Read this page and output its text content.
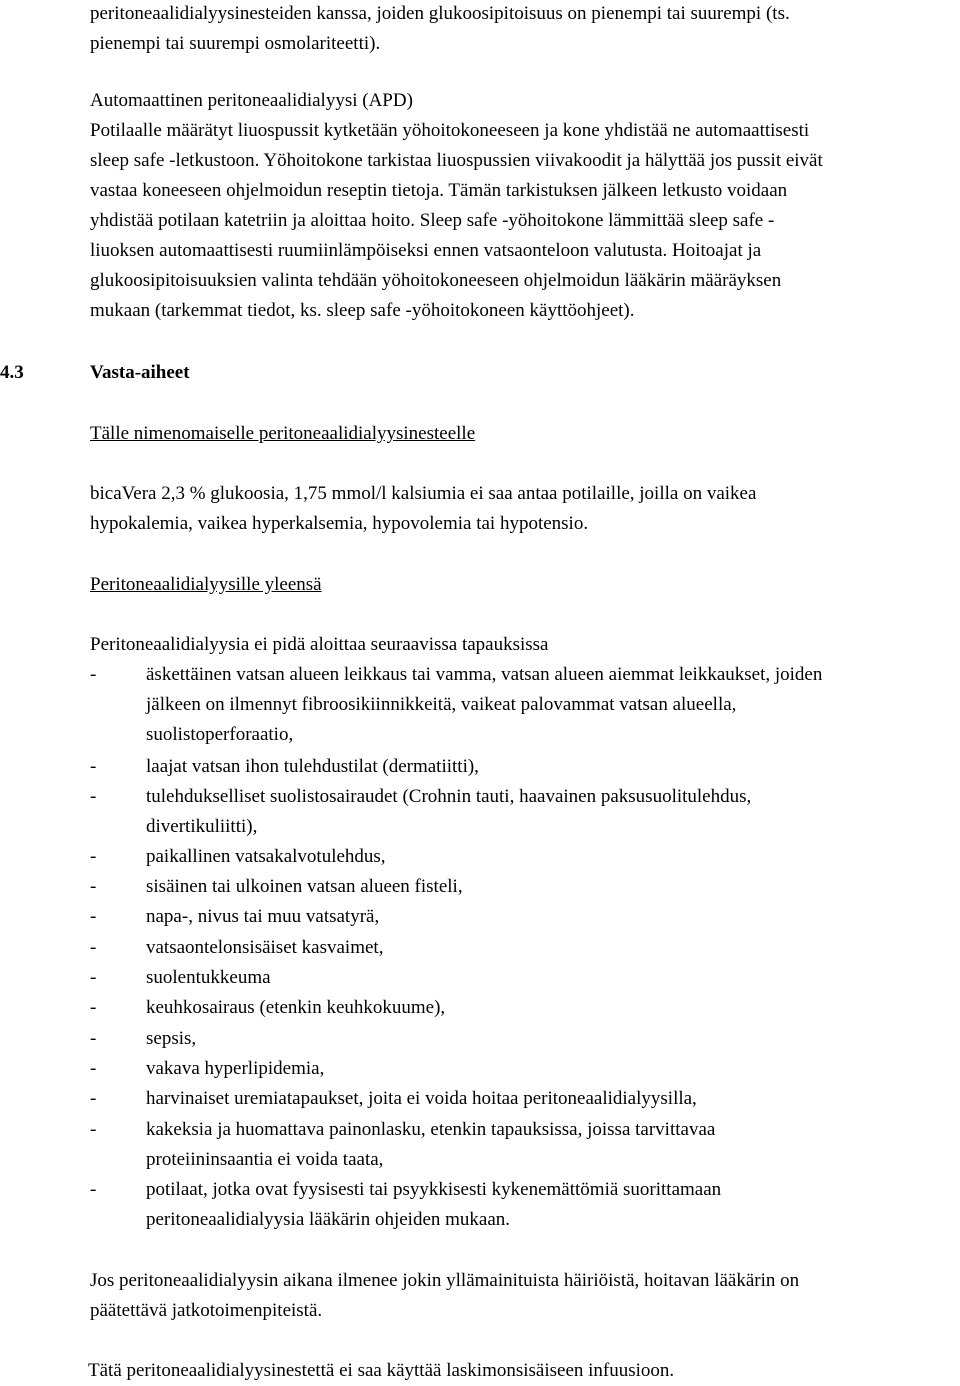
peritoneaalidialyysinesteiden kanssa, joiden glukoosipitoisuus on pienempi tai suurempi (ts.
pienempi tai suurempi osmolariteetti).
Automaattinen peritoneaalidialyysi (APD)
Potilaalle määrätyt liuospussit kytketään yöhoitokoneeseen ja kone yhdistää ne automaattisesti
sleep safe -letkustoon. Yöhoitokone tarkistaa liuospussien viivakoodit ja hälyttää jos pussit eivät
vastaa koneeseen ohjelmoidun reseptin tietoja. Tämän tarkistuksen jälkeen letkusto voidaan
yhdistää potilaan katetriin ja aloittaa hoito. Sleep safe -yöhoitokone lämmittää sleep safe -
liuoksen automaattisesti ruumiinlämpöiseksi ennen vatsaonteloon valutusta. Hoitoajat ja
glukoosipitoisuuksien valinta tehdään yöhoitokoneeseen ohjelmoidun lääkärin määräyksen
mukaan (tarkemmat tiedot, ks. sleep safe -yöhoitokoneen käyttöohjeet).
4.3	Vasta-aiheet
Tälle nimenomaiselle peritoneaalidialyysinesteelle
bicaVera 2,3 % glukoosia, 1,75 mmol/l kalsiumia ei saa antaa potilaille, joilla on vaikea
hypokalemia, vaikea hyperkalsemia, hypovolemia tai hypotensio.
Peritoneaalidialyysille yleensä
Peritoneaalidialyysia ei pidä aloittaa seuraavissa tapauksissa
-	äskettäinen vatsan alueen leikkaus tai vamma, vatsan alueen aiemmat leikkaukset, joiden
jälkeen on ilmennyt fibroosikiinnikkeitä, vaikeat palovammat vatsan alueella,
suolistoperforaatio,
-	laajat vatsan ihon tulehdustilat (dermatiitti),
-	tulehdukselliset suolistosairaudet (Crohnin tauti, haavainen paksusuolitulehdus,
divertikuliitti),
-	paikallinen vatsakalvotulehdus,
-	sisäinen tai ulkoinen vatsan alueen fisteli,
-	napa-, nivus tai muu vatsatyrä,
-	vatsaontelonsisäiset kasvaimet,
-	suolentukkeuma
-	keuhkosairaus (etenkin keuhkokuume),
-	sepsis,
-	vakava hyperlipidemia,
-	harvinaiset uremiatapaukset, joita ei voida hoitaa peritoneaalidialyysilla,
-	kakeksia ja huomattava painonlasku, etenkin tapauksissa, joissa tarvittavaa
proteiininsaantia ei voida taata,
-	potilaat, jotka ovat fyysisesti tai psyykkisesti kykenemättömiä suorittamaan
peritoneaalidialyysia lääkärin ohjeiden mukaan.
Jos peritoneaalidialyysin aikana ilmenee jokin yllämainituista häiriöistä, hoitavan lääkärin on
päätettävä jatkotoimenpiteistä.
Tätä peritoneaalidialyysinestettä ei saa käyttää laskimonsisäiseen infuusioon.
